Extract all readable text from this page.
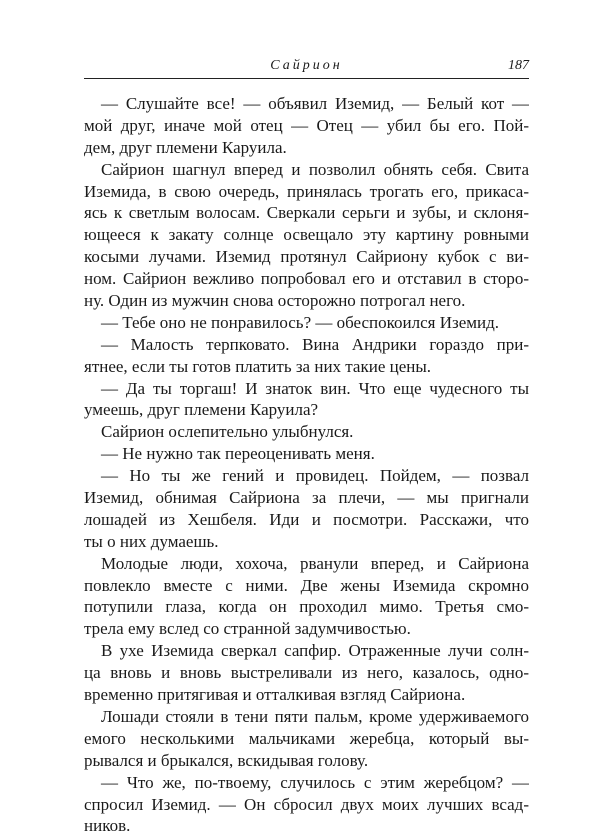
Сайрион	187
— Слушайте все! — объявил Иземид, — Белый кот —
мой друг, иначе мой отец — Отец — убил бы его. Пой-
дем, друг племени Каруила.
Сайрион шагнул вперед и позволил обнять себя. Свита
Иземида, в свою очередь, принялась трогать его, прикаса-
ясь к светлым волосам. Сверкали серьги и зубы, и склоня-
ющееся к закату солнце освещало эту картину ровными
косыми лучами. Иземид протянул Сайриону кубок с ви-
ном. Сайрион вежливо попробовал его и отставил в сторо-
ну. Один из мужчин снова осторожно потрогал него.
— Тебе оно не понравилось? — обеспокоился Иземид.
— Малость терпковато. Вина Андрики гораздо при-
ятнее, если ты готов платить за них такие цены.
— Да ты торгаш! И знаток вин. Что еще чудесного ты
умеешь, друг племени Каруила?
Сайрион ослепительно улыбнулся.
— Не нужно так переоценивать меня.
— Но ты же гений и провидец. Пойдем, — позвал
Иземид, обнимая Сайриона за плечи, — мы пригнали
лошадей из Хешбеля. Иди и посмотри. Расскажи, что
ты о них думаешь.
Молодые люди, хохоча, рванули вперед, и Сайриона
повлекло вместе с ними. Две жены Иземида скромно
потупили глаза, когда он проходил мимо. Третья смо-
трела ему вслед со странной задумчивостью.
В ухе Иземида сверкал сапфир. Отраженные лучи солн-
ца вновь и вновь выстреливали из него, казалось, одно-
временно притягивая и отталкивая взгляд Сайриона.
Лошади стояли в тени пяти пальм, кроме удерживаемого
емого несколькими мальчиками жеребца, который вы-
рывался и брыкался, вскидывая голову.
— Что же, по-твоему, случилось с этим жеребцом? —
спросил Иземид. — Он сбросил двух моих лучших всад-
ников.
